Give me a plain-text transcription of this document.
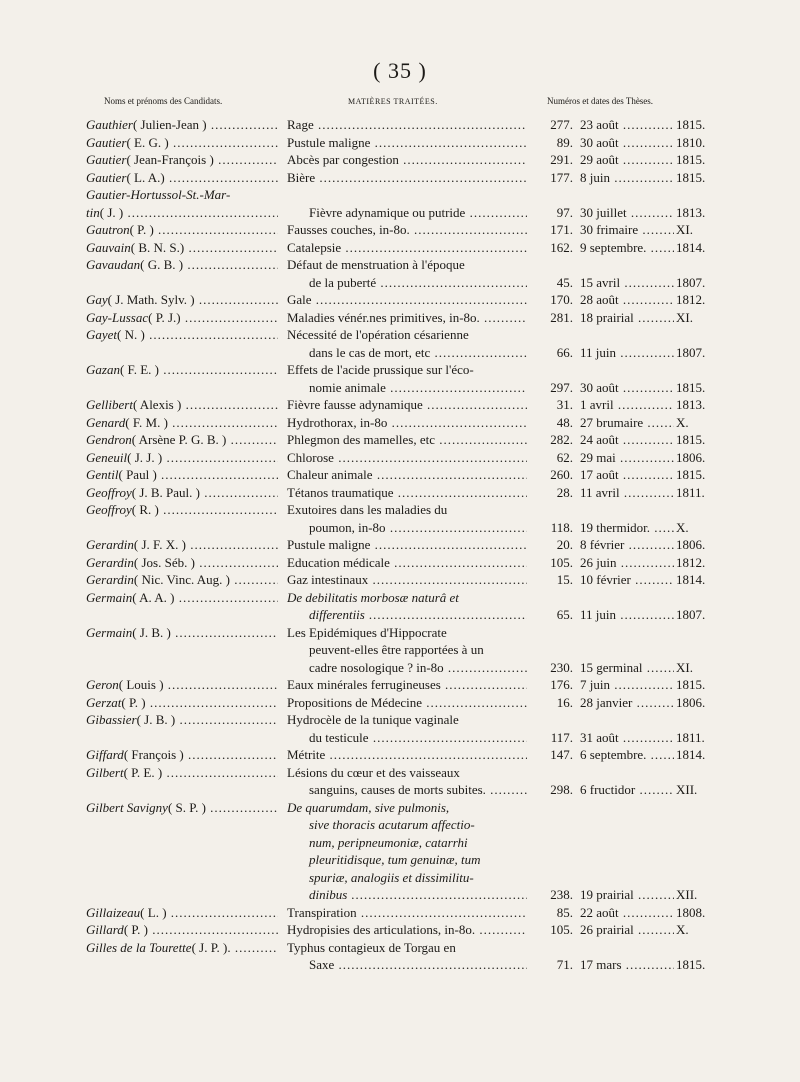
( 35 )
Noms et prénoms des Candidats.	MATIÈRES TRAITÉES.	Numéros et dates des Thèses.
Gauthier( Julien-Jean ) .....	Rage .....	277. 23 août .....	1815.
Gautier( E. G. ) .....	Pustule maligne .....	89. 30 août .....	1810.
Gautier( Jean-François ) .....	Abcès par congestion .....	291. 29 août .....	1815.
Gautier( L. A.) .....	Bière .....	177. 8 juin .....	1815.
Gautier-Hortussol-St.-Mar-
tin( J. ) .....	Fièvre adynamique ou putride .....	97. 30 juillet .....	1813.
Gautron( P. ) .....	Fausses couches, in-8o. .....	171. 30 frimaire .....	XI.
Gauvain( B. N. S.) .....	Catalepsie .....	162. 9 septembre. .....	1814.
Gavaudan( G. B. ) .....	Défaut de menstruation à l'époque
de la puberté .....	45. 15 avril .....	1807.
Gay( J. Math. Sylv. ) .....	Gale .....	170. 28 août .....	1812.
Gay-Lussac( P. J.) .....	Maladies vénér.nes primitives, in-8o. .....	281. 18 prairial .....	XI.
Gayet( N. ) .....	Nécessité de l'opération césarienne
dans le cas de mort, etc .....	66. 11 juin .....	1807.
Gazan( F. E. ) .....	Effets de l'acide prussique sur l'éco-
nomie animale .....	297. 30 août .....	1815.
Gellibert( Alexis ) .....	Fièvre fausse adynamique .....	31. 1 avril .....	1813.
Genard( F. M. ) .....	Hydrothorax, in-8o .....	48. 27 brumaire .....	X.
Gendron( Arsène P. G. B. ) .....	Phlegmon des mamelles, etc .....	282. 24 août .....	1815.
Geneuil( J. J. ) .....	Chlorose .....	62. 29 mai .....	1806.
Gentil( Paul ) .....	Chaleur animale .....	260. 17 août .....	1815.
Geoffroy( J. B. Paul. ) .....	Tétanos traumatique .....	28. 11 avril .....	1811.
Geoffroy( R. ) .....	Exutoires dans les maladies du
poumon, in-8o .....	118. 19 thermidor. .....	X.
Gerardin( J. F. X. ) .....	Pustule maligne .....	20. 8 février .....	1806.
Gerardin( Jos. Séb. ) .....	Education médicale .....	105. 26 juin .....	1812.
Gerardin( Nic. Vinc. Aug. ) .....	Gaz intestinaux .....	15. 10 février .....	1814.
Germain( A. A. ) .....	De debilitatis morbosæ naturâ et
differentiis .....	65. 11 juin .....	1807.
Germain( J. B. ) .....	Les Epidémiques d'Hippocrate
peuvent-elles être rapportées à un
cadre nosologique ? in-8o .....	230. 15 germinal .....	XI.
Geron( Louis ) .....	Eaux minérales ferrugineuses .....	176. 7 juin .....	1815.
Gerzat( P. ) .....	Propositions de Médecine .....	16. 28 janvier .....	1806.
Gibassier( J. B. ) .....	Hydrocèle de la tunique vaginale
du testicule .....	117. 31 août .....	1811.
Giffard( François ) .....	Métrite .....	147. 6 septembre. .....	1814.
Gilbert( P. E. ) .....	Lésions du cœur et des vaisseaux
sanguins, causes de morts subites. .....	298. 6 fructidor .....	XII.
Gilbert Savigny( S. P. ) .....	De quarumdam, sive pulmonis,
sive thoracis acutarum affectio-
num, peripneumoniæ, catarrhi
pleuritidisque, tum genuinæ, tum
spuriæ, analogiis et dissimilitu-
dinibus .....	238. 19 prairial .....	XII.
Gillaizeau( L. ) .....	Transpiration .....	85. 22 août .....	1808.
Gillard( P. ) .....	Hydropisies des articulations, in-8o. .....	105. 26 prairial .....	X.
Gilles de la Tourette( J. P. ). .....	Typhus contagieux de Torgau en
Saxe .....	71. 17 mars .....	1815.
